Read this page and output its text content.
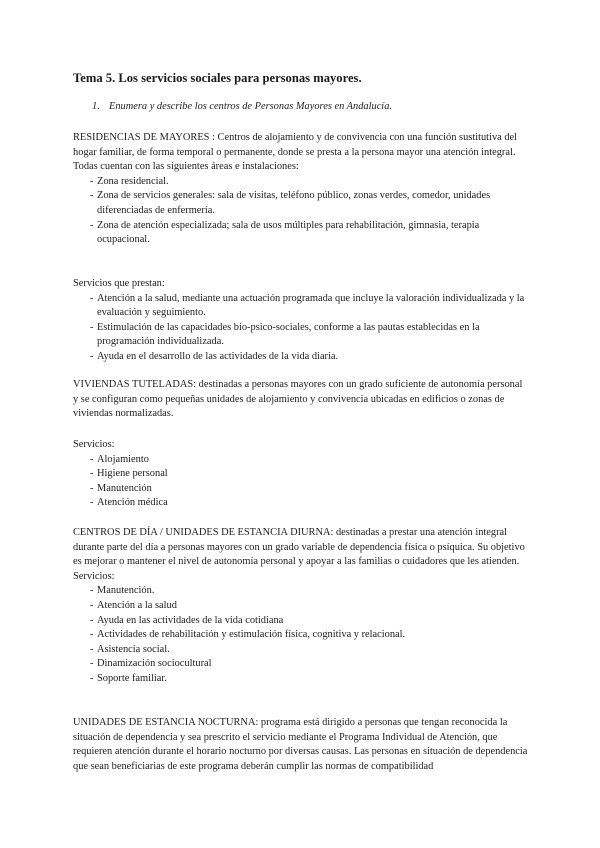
Tema 5. Los servicios sociales para personas mayores.
1. Enumera y describe los centros de Personas Mayores en Andalucía.

RESIDENCIAS DE MAYORES : Centros de alojamiento y de convivencia con una función sustitutiva del hogar familiar, de forma temporal o permanente, donde se presta a la persona mayor una atención integral.

Todas cuentan con las siguientes áreas e instalaciones:

- Zona residencial.
- Zona de servicios generales: sala de visitas, teléfono público, zonas verdes, comedor, unidades diferenciadas de enfermería.
- Zona de atención especializada; sala de usos múltiples para rehabilitación, gimnasia, terapia ocupacional.

Servicios que prestan:

- Atención a la salud, mediante una actuación programada que incluye la valoración individualizada y la evaluación y seguimiento.
- Estimulación de las capacidades bio-psico-sociales, conforme a las pautas establecidas en la programación individualizada.
- Ayuda en el desarrollo de las actividades de la vida diaria.

VIVIENDAS TUTELADAS: destinadas a personas mayores con un grado suficiente de autonomía personal y se configuran como pequeñas unidades de alojamiento y convivencia ubicadas en edificios o zonas de viviendas normalizadas.

Servicios:

- Alojamiento
- Higiene personal
- Manutención
- Atención médica

CENTROS DE DÍA / UNIDADES DE ESTANCIA DIURNA: destinadas a prestar una atención integral durante parte del día a personas mayores con un grado variable de dependencia física o psíquica. Su objetivo es mejorar o mantener el nivel de autonomía personal y apoyar a las familias o cuidadores que les atienden.

Servicios:

- Manutención.
- Atención a la salud
- Ayuda en las actividades de la vida cotidiana
- Actividades de rehabilitación y estimulación física, cognitiva y relacional.
- Asistencia social.
- Dinamización sociocultural
- Soporte familiar.

UNIDADES DE ESTANCIA NOCTURNA: programa está dirigido a personas que tengan reconocida la situación de dependencia y sea prescrito el servicio mediante el Programa Individual de Atención, que requieren atención durante el horario nocturno por diversas causas. Las personas en situación de dependencia que sean beneficiarias de este programa deberán cumplir las normas de compatibilidad
